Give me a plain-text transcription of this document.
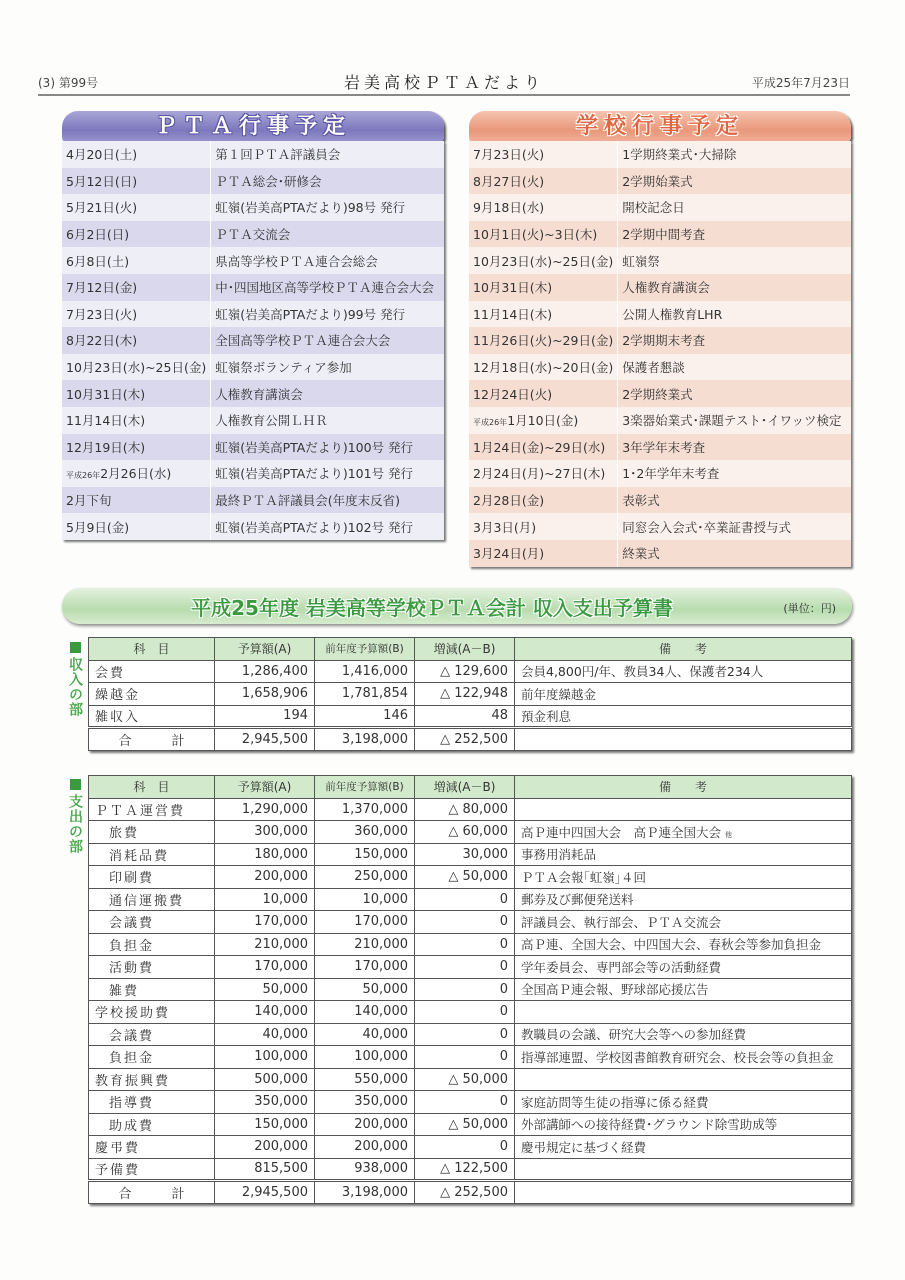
(3) 第99号	岩美高校ＰＴＡだより	平成25年7月23日
ＰＴＡ行事予定
4月20日(土)	第１回ＰＴＡ評議員会
5月12日(日)	ＰＴＡ総会･研修会
5月21日(火)	虹嶺(岩美高PTAだより)98号 発行
6月2日(日)	ＰＴＡ交流会
6月8日(土)	県高等学校ＰＴＡ連合会総会
7月12日(金)	中･四国地区高等学校ＰＴＡ連合会大会
7月23日(火)	虹嶺(岩美高PTAだより)99号 発行
8月22日(木)	全国高等学校ＰＴＡ連合会大会
10月23日(水)~25日(金)	虹嶺祭ボランティア参加
10月31日(木)	人権教育講演会
11月14日(木)	人権教育公開ＬＨＲ
12月19日(木)	虹嶺(岩美高PTAだより)100号 発行
平成26年2月26日(水)	虹嶺(岩美高PTAだより)101号 発行
2月下旬	最終ＰＴＡ評議員会(年度末反省)
5月9日(金)	虹嶺(岩美高PTAだより)102号 発行
学校行事予定
7月23日(火)	1学期終業式･大掃除
8月27日(火)	2学期始業式
9月18日(水)	開校記念日
10月1日(火)~3日(木)	2学期中間考査
10月23日(水)~25日(金)	虹嶺祭
10月31日(木)	人権教育講演会
11月14日(木)	公開人権教育LHR
11月26日(火)~29日(金)	2学期期末考査
12月18日(水)~20日(金)	保護者懇談
12月24日(火)	2学期終業式
平成26年1月10日(金)	3楽器始業式･課題テスト･イワッツ検定
1月24日(金)~29日(水)	3年学年末考査
2月24日(月)~27日(木)	1･2年学年末考査
2月28日(金)	表彰式
3月3日(月)	同窓会入会式･卒業証書授与式
3月24日(月)	終業式
平成25年度 岩美高等学校ＰＴＡ会計 収入支出予算書	(単位：円)
収入の部
科　目	予算額(A)	前年度予算額(B)	増減(A－B)	備　　考
会費	1,286,400	1,416,000	△ 129,600	会員4,800円/年、教員34人、保護者234人
繰越金	1,658,906	1,781,854	△ 122,948	前年度繰越金
雑収入	194	146	48	預金利息
合計	2,945,500	3,198,000	△ 252,500	
支出の部
科　目	予算額(A)	前年度予算額(B)	増減(A－B)	備　　考
ＰＴＡ運営費	1,290,000	1,370,000	△ 80,000	
旅費	300,000	360,000	△ 60,000	高Ｐ連中四国大会　高Ｐ連全国大会 他
消耗品費	180,000	150,000	30,000	事務用消耗品
印刷費	200,000	250,000	△ 50,000	ＰＴＡ会報｢虹嶺｣４回
通信運搬費	10,000	10,000	0	郵券及び郵便発送料
会議費	170,000	170,000	0	評議員会、執行部会、ＰＴＡ交流会
負担金	210,000	210,000	0	高Ｐ連、全国大会、中四国大会、春秋会等参加負担金
活動費	170,000	170,000	0	学年委員会、専門部会等の活動経費
雑費	50,000	50,000	0	全国高Ｐ連会報、野球部応援広告
学校援助費	140,000	140,000	0	
会議費	40,000	40,000	0	教職員の会議、研究大会等への参加経費
負担金	100,000	100,000	0	指導部連盟、学校図書館教育研究会、校長会等の負担金
教育振興費	500,000	550,000	△ 50,000	
指導費	350,000	350,000	0	家庭訪問等生徒の指導に係る経費
助成費	150,000	200,000	△ 50,000	外部講師への接待経費･グラウンド除雪助成等
慶弔費	200,000	200,000	0	慶弔規定に基づく経費
予備費	815,500	938,000	△ 122,500	
合計	2,945,500	3,198,000	△ 252,500	
